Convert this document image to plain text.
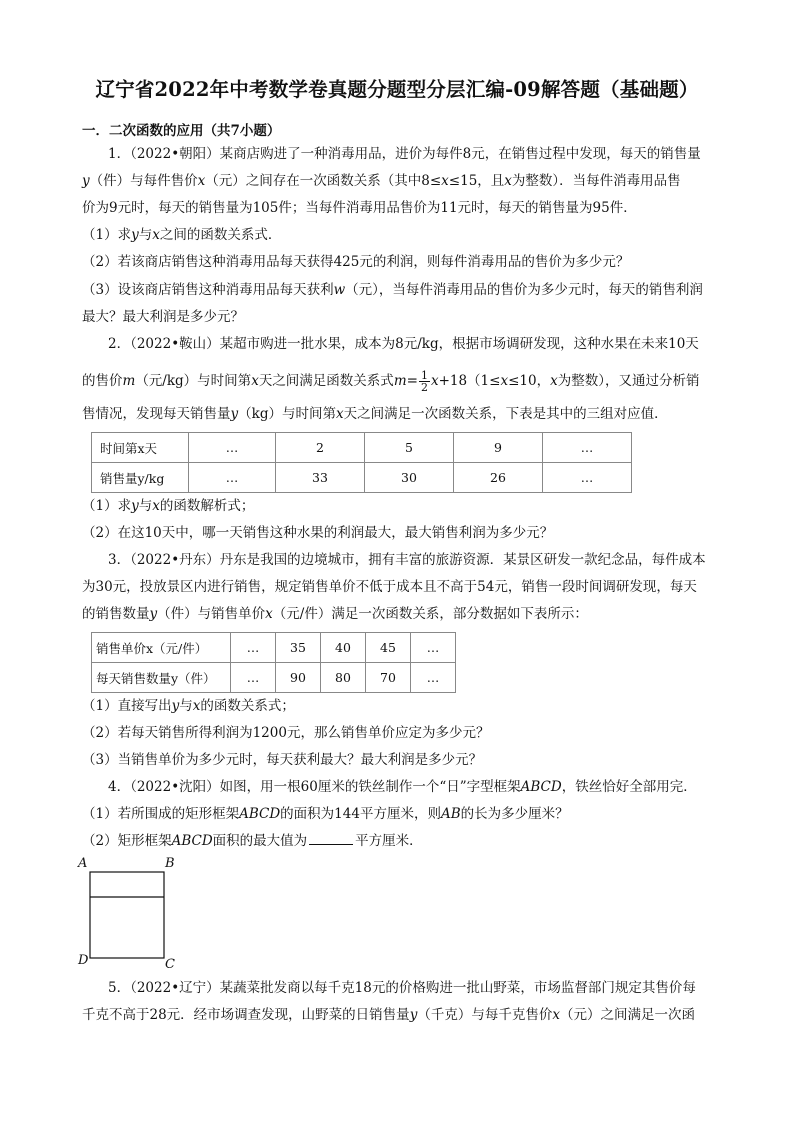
辽宁省2022年中考数学卷真题分题型分层汇编-09解答题（基础题）
一．二次函数的应用（共7小题）
1．（2022•朝阳）某商店购进了一种消毒用品，进价为每件8元，在销售过程中发现，每天的销售量
y（件）与每件售价x（元）之间存在一次函数关系（其中8≤x≤15，且x为整数）．当每件消毒用品售
价为9元时，每天的销售量为105件；当每件消毒用品售价为11元时，每天的销售量为95件．
（1）求y与x之间的函数关系式．
（2）若该商店销售这种消毒用品每天获得425元的利润，则每件消毒用品的售价为多少元？
（3）设该商店销售这种消毒用品每天获利w（元），当每件消毒用品的售价为多少元时，每天的销售利润
最大？最大利润是多少元？
2．（2022•鞍山）某超市购进一批水果，成本为8元/kg，根据市场调研发现，这种水果在未来10天
的售价m（元/kg）与时间第x天之间满足函数关系式$m= \frac{1}{2} x+18(1\le x\le 10$，x为整数），又通过分析销
售情况，发现每天销售量y（kg）与时间第x天之间满足一次函数关系，下表是其中的三组对应值．
时间第x天	…	2	5	9	…
销售量y/kg	…	33	30	26	…
（1）求y与x的函数解析式；
（2）在这10天中，哪一天销售这种水果的利润最大，最大销售利润为多少元？
3．（2022•丹东）丹东是我国的边境城市，拥有丰富的旅游资源．某景区研发一款纪念品，每件成本
为30元，投放景区内进行销售，规定销售单价不低于成本且不高于54元，销售一段时间调研发现，每天
的销售数量y（件）与销售单价x（元/件）满足一次函数关系，部分数据如下表所示：
销售单价x（元/件）	…	35	40	45	…
每天销售数量y（件）	…	90	80	70	…
（1）直接写出y与x的函数关系式；
（2）若每天销售所得利润为1200元，那么销售单价应定为多少元？
（3）当销售单价为多少元时，每天获利最大？最大利润是多少元？
4．（2022•沈阳）如图，用一根60厘米的铁丝制作一个“日”字型框架ABCD，铁丝恰好全部用完．
（1）若所围成的矩形框架ABCD的面积为144平方厘米，则AB的长为多少厘米？
（2）矩形框架ABCD面积的最大值为	平方厘米．
A	B
C
D
5．（2022•辽宁）某蔬菜批发商以每千克18元的价格购进一批山野菜，市场监督部门规定其售价每
千克不高于28元．经市场调查发现，山野菜的日销售量y（千克）与每千克售价x（元）之间满足一次函
